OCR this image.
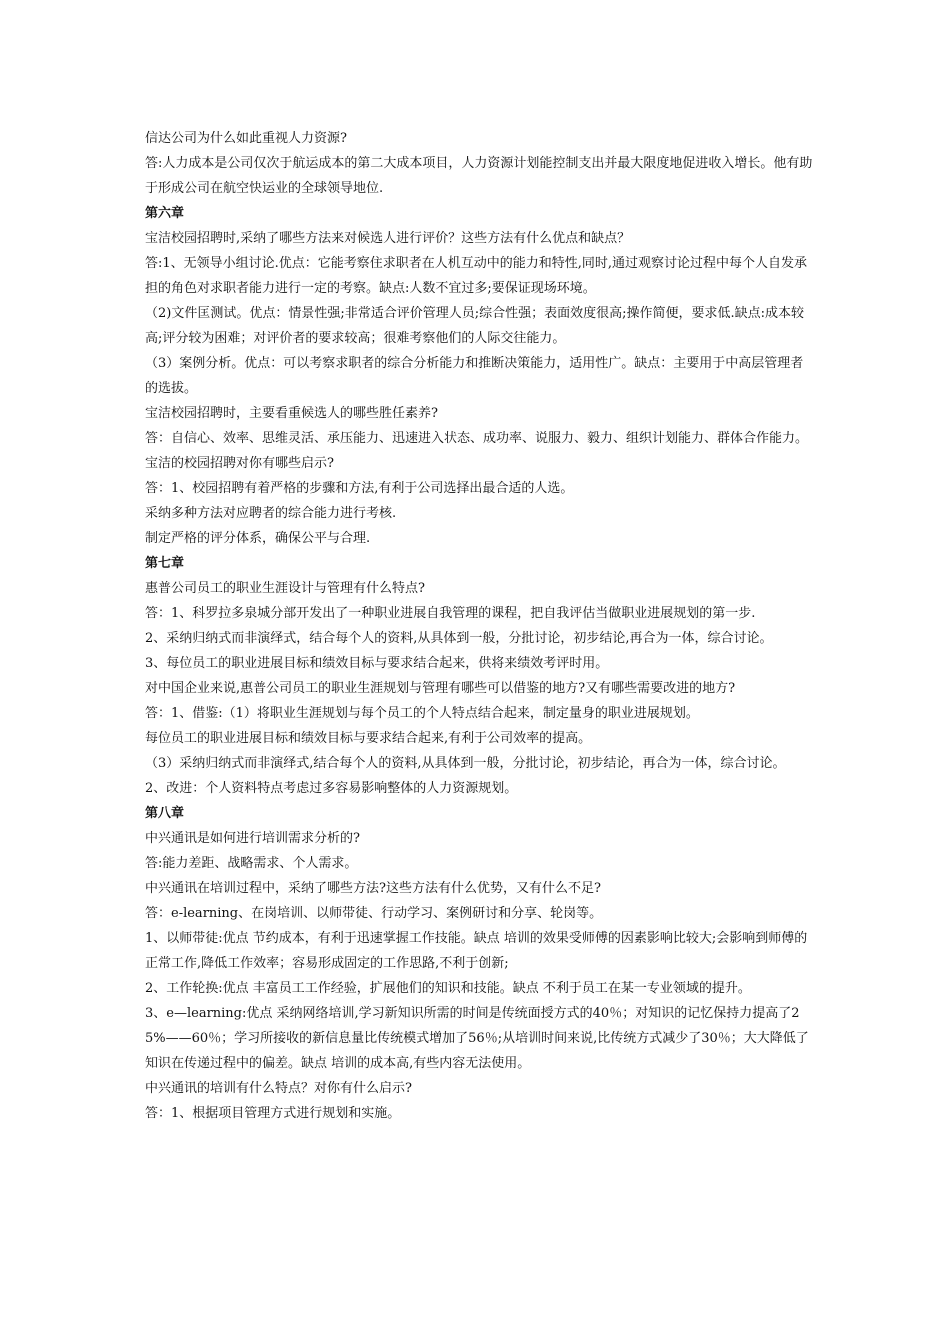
信达公司为什么如此重视人力资源?

答:人力成本是公司仅次于航运成本的第二大成本项目，人力资源计划能控制支出并最大限度地促进收入增长。他有助于形成公司在航空快运业的全球领导地位.

第六章

宝洁校园招聘时,采纳了哪些方法来对候选人进行评价？这些方法有什么优点和缺点？

答:1、无领导小组讨论.优点：它能考察住求职者在人机互动中的能力和特性,同时,通过观察讨论过程中每个人自发承担的角色对求职者能力进行一定的考察。缺点:人数不宜过多;要保证现场环境。

（2)文件匡测试。优点：情景性强;非常适合评价管理人员;综合性强；表面效度很高;操作简便，要求低.缺点:成本较高;评分较为困难；对评价者的要求较高；很难考察他们的人际交往能力。

（3）案例分析。优点：可以考察求职者的综合分析能力和推断决策能力，适用性广。缺点：主要用于中高层管理者的选拔。

宝洁校园招聘时，主要看重候选人的哪些胜任素养?

答：自信心、效率、思维灵活、承压能力、迅速进入状态、成功率、说服力、毅力、组织计划能力、群体合作能力。

宝洁的校园招聘对你有哪些启示?

答：1、校园招聘有着严格的步骤和方法,有利于公司选择出最合适的人选。

采纳多种方法对应聘者的综合能力进行考核.

制定严格的评分体系，确保公平与合理.

第七章

惠普公司员工的职业生涯设计与管理有什么特点?

答：1、科罗拉多泉城分部开发出了一种职业进展自我管理的课程，把自我评估当做职业进展规划的第一步.

2、采纳归纳式而非演绎式，结合每个人的资料,从具体到一般，分批讨论，初步结论,再合为一体，综合讨论。

3、每位员工的职业进展目标和绩效目标与要求结合起来，供将来绩效考评时用。

对中国企业来说,惠普公司员工的职业生涯规划与管理有哪些可以借鉴的地方?又有哪些需要改进的地方?

答：1、借鉴:（1）将职业生涯规划与每个员工的个人特点结合起来，制定量身的职业进展规划。

每位员工的职业进展目标和绩效目标与要求结合起来,有利于公司效率的提高。

（3）采纳归纳式而非演绎式,结合每个人的资料,从具体到一般，分批讨论，初步结论，再合为一体，综合讨论。

2、改进：个人资料特点考虑过多容易影响整体的人力资源规划。

第八章

中兴通讯是如何进行培训需求分析的?

答:能力差距、战略需求、个人需求。

中兴通讯在培训过程中，采纳了哪些方法?这些方法有什么优势，又有什么不足?

答：e-learning、在岗培训、以师带徒、行动学习、案例研讨和分享、轮岗等。

1、以师带徒:优点 节约成本，有利于迅速掌握工作技能。缺点 培训的效果受师傅的因素影响比较大;会影响到师傅的正常工作,降低工作效率；容易形成固定的工作思路,不利于创新;

2、工作轮换:优点 丰富员工工作经验，扩展他们的知识和技能。缺点 不利于员工在某一专业领域的提升。

3、e—learning:优点 采纳网络培训,学习新知识所需的时间是传统面授方式的40％；对知识的记忆保持力提高了25%——60％；学习所接收的新信息量比传统模式增加了56％;从培训时间来说,比传统方式减少了30％；大大降低了知识在传递过程中的偏差。缺点 培训的成本高,有些内容无法使用。

中兴通讯的培训有什么特点？对你有什么启示?

答：1、根据项目管理方式进行规划和实施。
